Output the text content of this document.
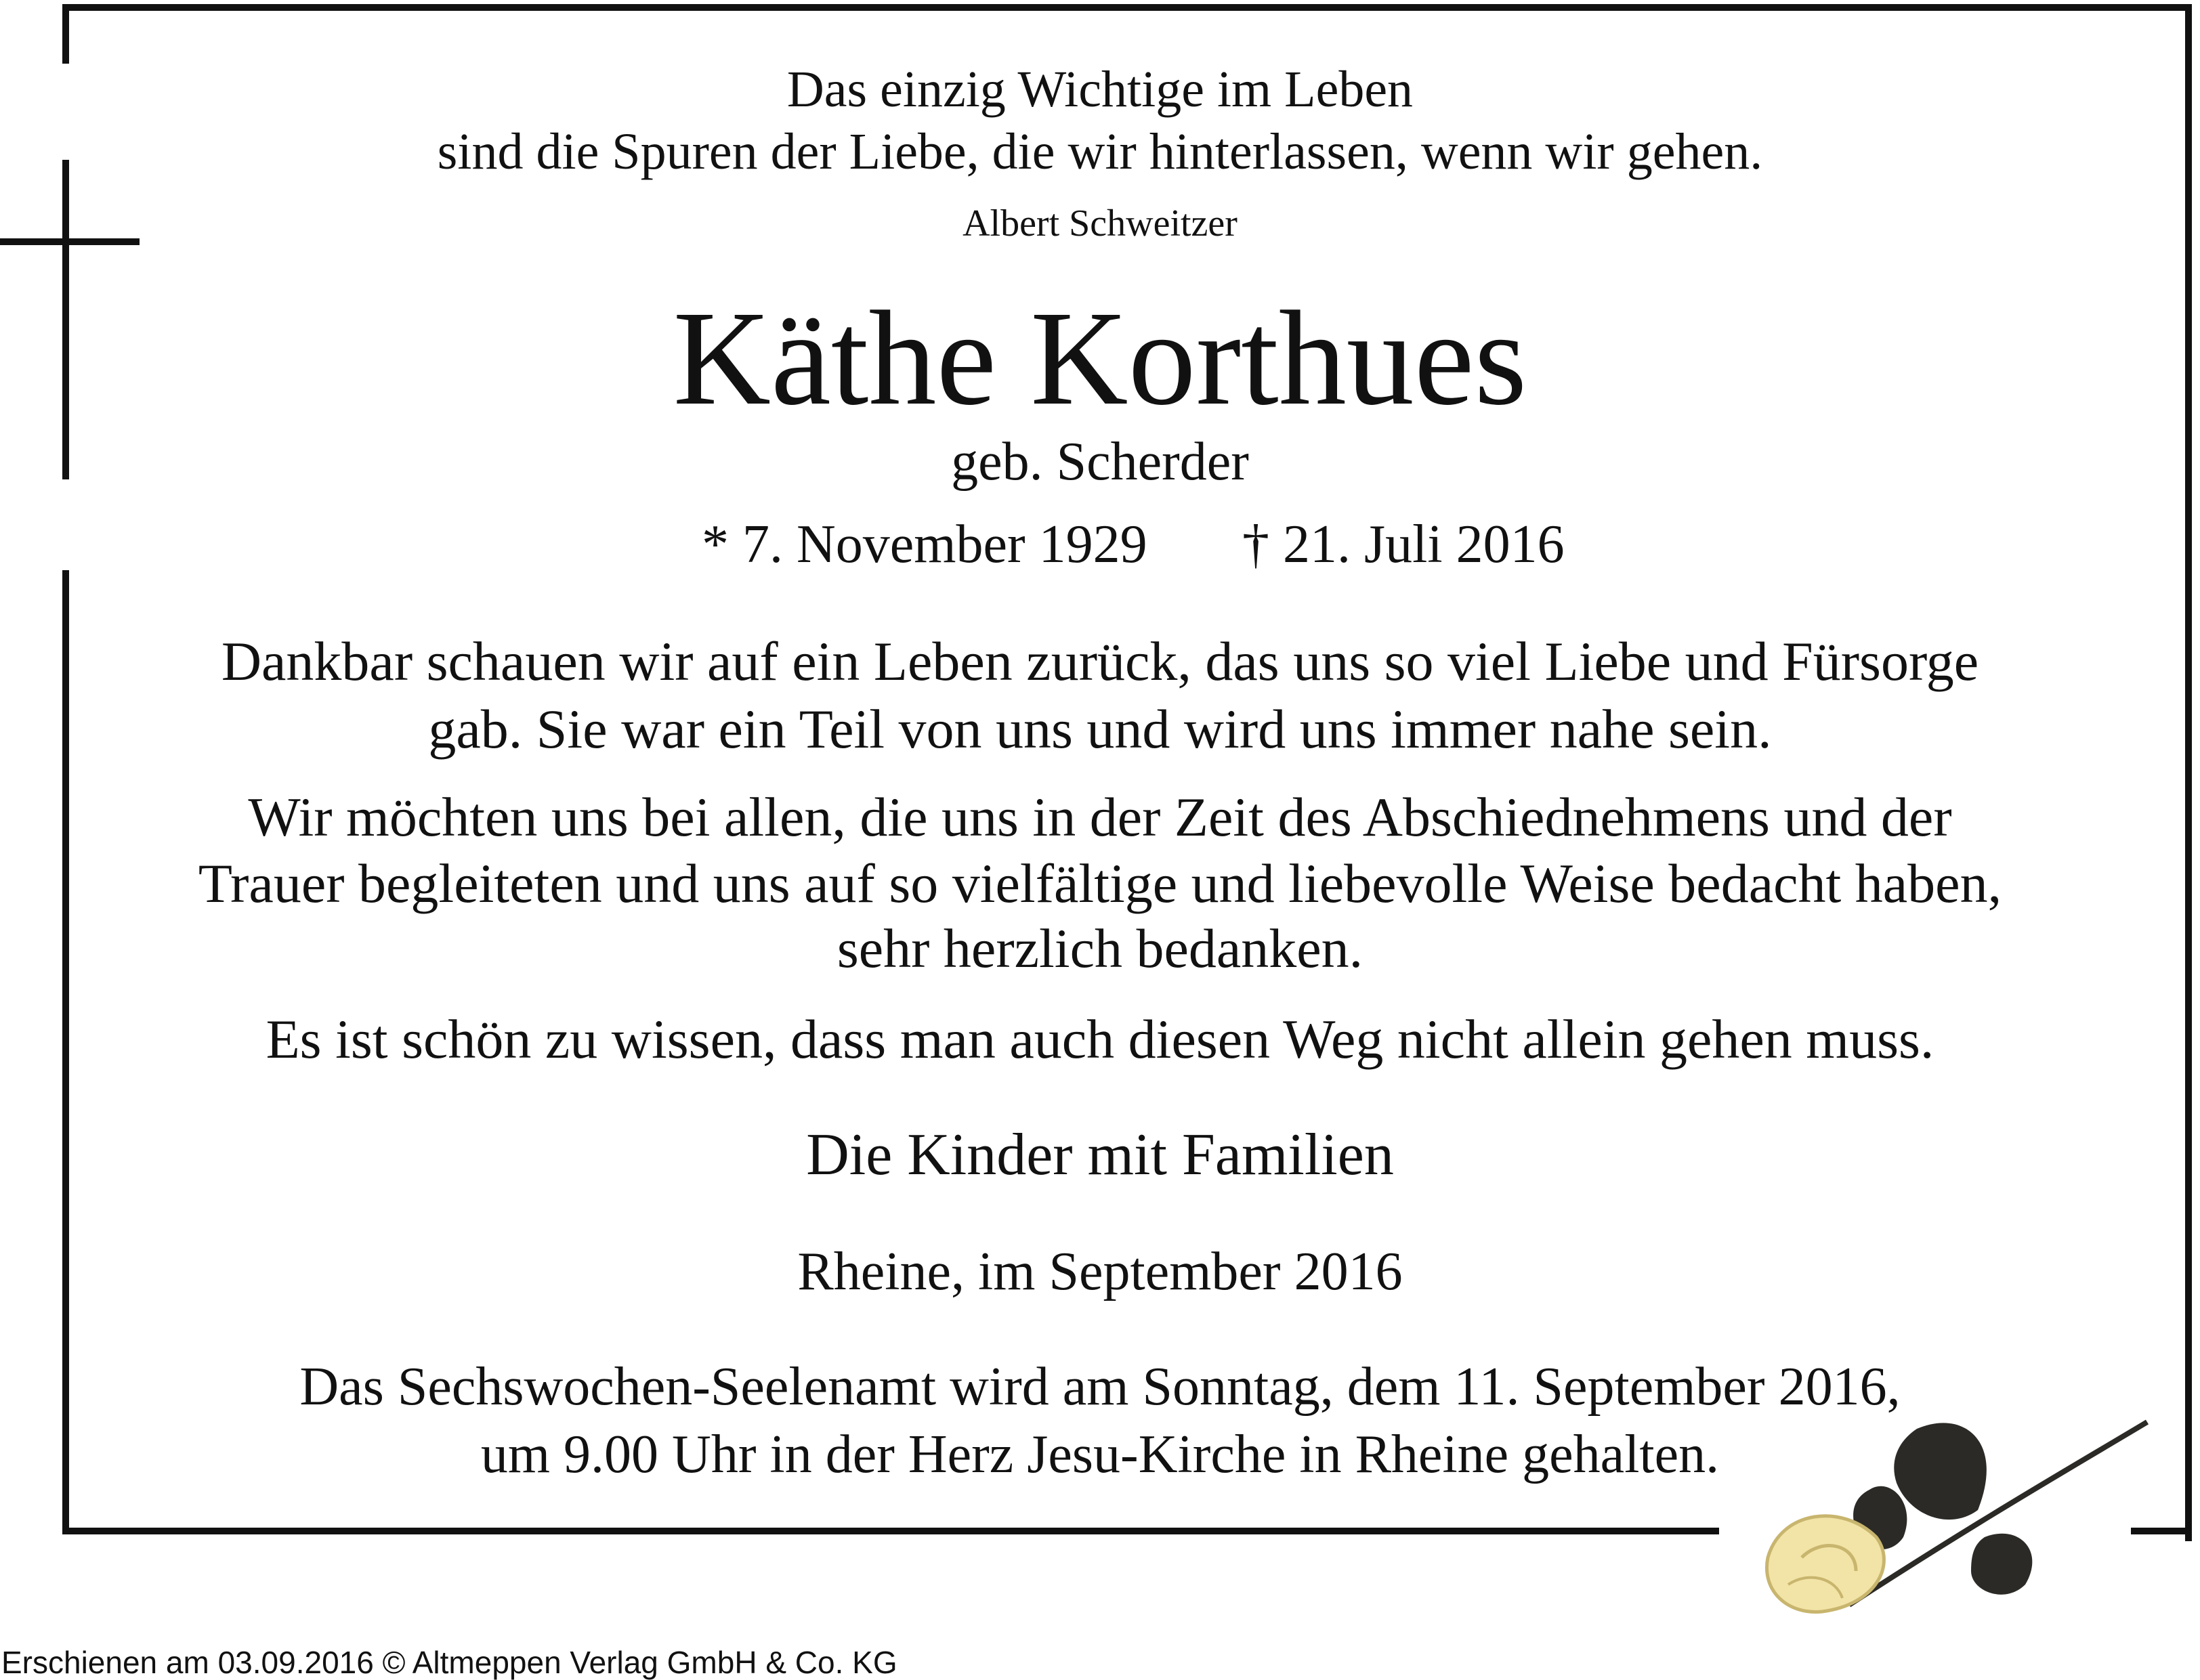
Das einzig Wichtige im Leben
sind die Spuren der Liebe, die wir hinterlassen, wenn wir gehen.
Albert Schweitzer
Käthe Korthues
geb. Scherder
* 7. November 1929 † 21. Juli 2016
Dankbar schauen wir auf ein Leben zurück, das uns so viel Liebe und Fürsorge
gab. Sie war ein Teil von uns und wird uns immer nahe sein.
Wir möchten uns bei allen, die uns in der Zeit des Abschiednehmens und der
Trauer begleiteten und uns auf so vielfältige und liebevolle Weise bedacht haben,
sehr herzlich bedanken.
Es ist schön zu wissen, dass man auch diesen Weg nicht allein gehen muss.
Die Kinder mit Familien
Rheine, im September 2016
Das Sechswochen-Seelenamt wird am Sonntag, dem 11. September 2016,
um 9.00 Uhr in der Herz Jesu-Kirche in Rheine gehalten.
Erschienen am 03.09.2016 © Altmeppen Verlag GmbH & Co. KG
